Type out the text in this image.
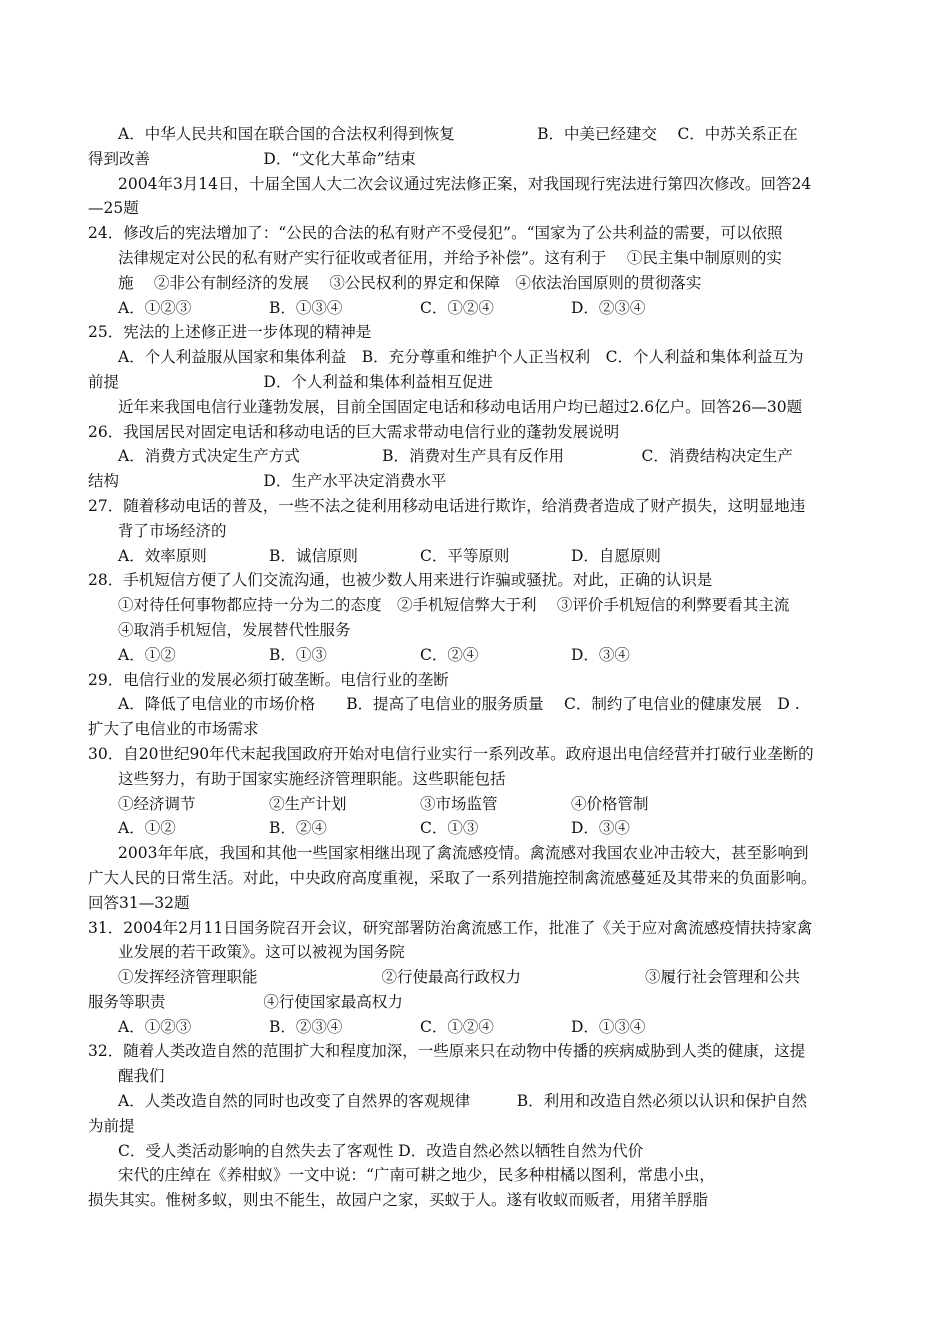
A．中华人民共和国在联合国的合法权利得到恢复　　　　　 B．中美已经建交　 C．中苏关系正在
得到改善　　　　　　　 D．“文化大革命”结束
2004年3月14日，十届全国人大二次会议通过宪法修正案，对我国现行宪法进行第四次修改。回答24
—25题
24．修改后的宪法增加了：“公民的合法的私有财产不受侵犯”。“国家为了公共利益的需要，可以依照
法律规定对公民的私有财产实行征收或者征用，并给予补偿”。这有利于　 ①民主集中制原则的实
施　 ②非公有制经济的发展　 ③公民权利的界定和保障　④依法治国原则的贯彻落实
A．①②③	B．①③④	C．①②④	D．②③④
25．宪法的上述修正进一步体现的精神是
A．个人利益服从国家和集体利益　B．充分尊重和维护个人正当权利　C．个人利益和集体利益互为
前提　　　　　　　　　 D．个人利益和集体利益相互促进
近年来我国电信行业蓬勃发展，目前全国固定电话和移动电话用户均已超过2.6亿户。回答26—30题
26．我国居民对固定电话和移动电话的巨大需求带动电信行业的蓬勃发展说明
A．消费方式决定生产方式　　　　　 B．消费对生产具有反作用　　　　　C．消费结构决定生产
结构　　　　　　　　　 D．生产水平决定消费水平
27．随着移动电话的普及，一些不法之徒利用移动电话进行欺诈，给消费者造成了财产损失，这明显地违
背了市场经济的
A．效率原则	B．诚信原则	C．平等原则	D．自愿原则
28．手机短信方便了人们交流沟通，也被少数人用来进行诈骗或骚扰。对此，正确的认识是
①对待任何事物都应持一分为二的态度　②手机短信弊大于利　 ③评价手机短信的利弊要看其主流
④取消手机短信，发展替代性服务
A．①②	B．①③	C．②④	D．③④
29．电信行业的发展必须打破垄断。电信行业的垄断
A．降低了电信业的市场价格　　B．提高了电信业的服务质量　 C．制约了电信业的健康发展　D .
扩大了电信业的市场需求
30．自20世纪90年代末起我国政府开始对电信行业实行一系列改革。政府退出电信经营并打破行业垄断的
这些努力，有助于国家实施经济管理职能。这些职能包括
①经济调节	②生产计划	③市场监管	④价格管制
A．①②	B．②④	C．①③	D．③④
2003年年底，我国和其他一些国家相继出现了禽流感疫情。禽流感对我国农业冲击较大，甚至影响到
广大人民的日常生活。对此，中央政府高度重视，采取了一系列措施控制禽流感蔓延及其带来的负面影响。
回答31—32题
31．2004年2月11日国务院召开会议，研究部署防治禽流感工作，批准了《关于应对禽流感疫情扶持家禽
业发展的若干政策》。这可以被视为国务院
①发挥经济管理职能　　　　　　　　②行使最高行政权力　　　　　　　　③履行社会管理和公共
服务等职责　　　　　　 ④行使国家最高权力
A．①②③	B．②③④	C．①②④	D．①③④
32．随着人类改造自然的范围扩大和程度加深，一些原来只在动物中传播的疾病威胁到人类的健康，这提
醒我们
A．人类改造自然的同时也改变了自然界的客观规律　　　B．利用和改造自然必须以认识和保护自然
为前提
C．受人类活动影响的自然失去了客观性 D．改造自然必然以牺牲自然为代价
宋代的庄绰在《养柑蚁》一文中说：“广南可耕之地少，民多种柑橘以图利，常患小虫，
损失其实。惟树多蚁，则虫不能生，故园户之家，买蚁于人。遂有收蚁而贩者，用猪羊脬脂
